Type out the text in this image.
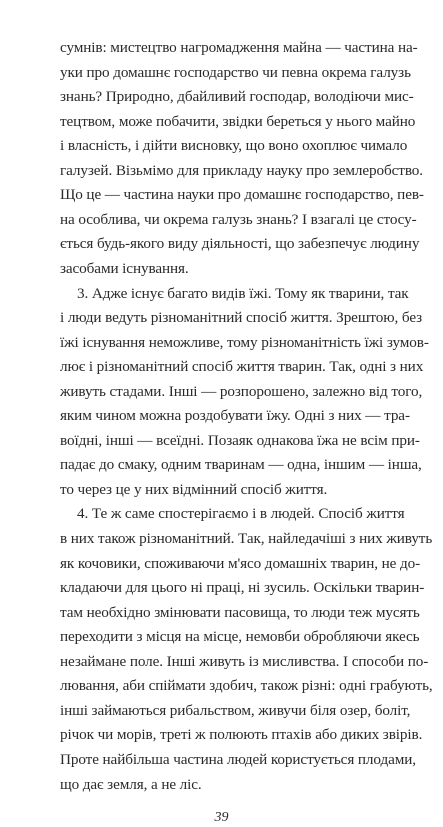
сумнів: мистецтво нагромадження майна — частина на-
уки про домашнє господарство чи певна окрема галузь
знань? Природно, дбайливий господар, володіючи мис-
тецтвом, може побачити, звідки береться у нього майно
і власність, і дійти висновку, що воно охоплює чимало
галузей. Візьмімо для прикладу науку про землеробство.
Що це — частина науки про домашнє господарство, пев-
на особлива, чи окрема галузь знань? І взагалі це стосу-
ється будь-якого виду діяльності, що забезпечує людину
засобами існування.
3. Адже існує багато видів їжі. Тому як тварини, так
і люди ведуть різноманітний спосіб життя. Зрештою, без
їжі існування неможливе, тому різноманітність їжі зумов-
лює і різноманітний спосіб життя тварин. Так, одні з них
живуть стадами. Інші — розпорошено, залежно від того,
яким чином можна роздобувати їжу. Одні з них — тра-
воїдні, інші — всеїдні. Позаяк однакова їжа не всім при-
падає до смаку, одним тваринам — одна, іншим — інша,
то через це у них відмінний спосіб життя.
4. Те ж саме спостерігаємо і в людей. Спосіб життя
в них також різноманітний. Так, найледачіші з них живуть
як кочовики, споживаючи м'ясо домашніх тварин, не до-
кладаючи для цього ні праці, ні зусиль. Оскільки тварин-
там необхідно змінювати пасовища, то люди теж мусять
переходити з місця на місце, немовби обробляючи якесь
незаймане поле. Інші живуть із мисливства. І способи по-
лювання, аби спіймати здобич, також різні: одні грабують,
інші займаються рибальством, живучи біля озер, боліт,
річок чи морів, треті ж полюють птахів або диких звірів.
Проте найбільша частина людей користується плодами,
що дає земля, а не ліс.
39
